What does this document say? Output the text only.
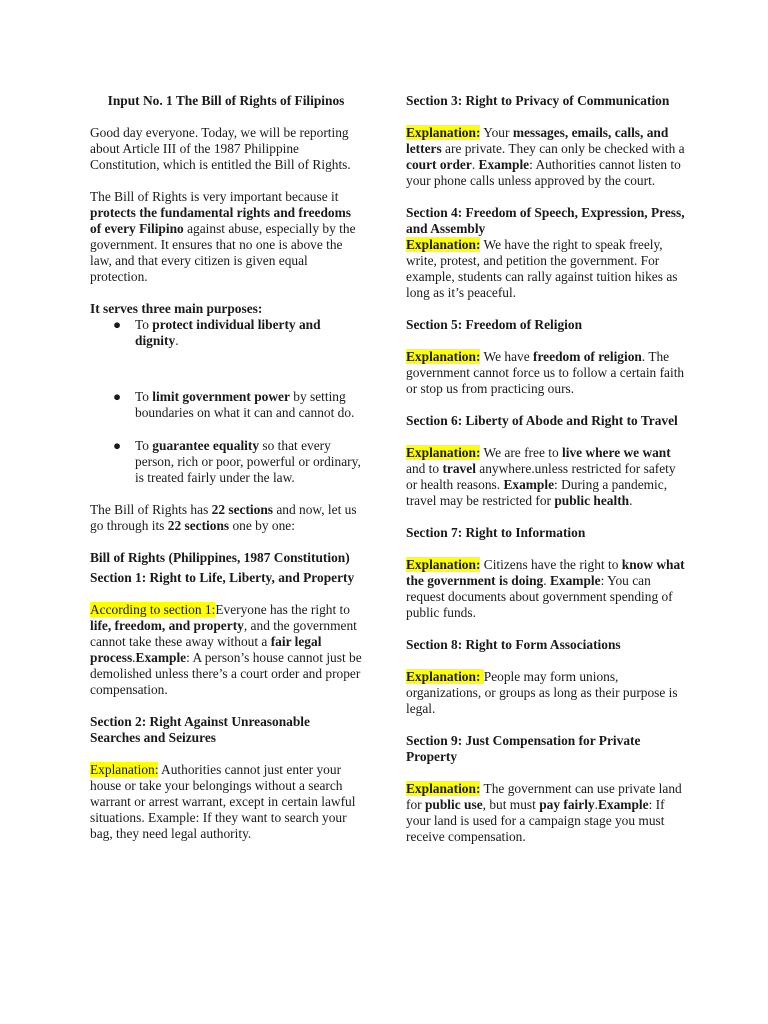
Input No. 1 The Bill of Rights of Filipinos

Good day everyone. Today, we will be reporting about Article III of the 1987 Philippine Constitution, which is entitled the Bill of Rights.

The Bill of Rights is very important because it protects the fundamental rights and freedoms of every Filipino against abuse, especially by the government. It ensures that no one is above the law, and that every citizen is given equal protection.

It serves three main purposes:

● To protect individual liberty and dignity.
● To limit government power by setting boundaries on what it can and cannot do.
● To guarantee equality so that every person, rich or poor, powerful or ordinary, is treated fairly under the law.

The Bill of Rights has 22 sections and now, let us go through its 22 sections one by one:

Bill of Rights (Philippines, 1987 Constitution)

Section 1: Right to Life, Liberty, and Property

According to section 1:Everyone has the right to life, freedom, and property, and the government cannot take these away without a fair legal process.Example: A person’s house cannot just be demolished unless there’s a court order and proper compensation.

Section 2: Right Against Unreasonable Searches and Seizures

Explanation: Authorities cannot just enter your house or take your belongings without a search warrant or arrest warrant, except in certain lawful situations. Example: If they want to search your bag, they need legal authority.

Section 3: Right to Privacy of Communication

Explanation: Your messages, emails, calls, and letters are private. They can only be checked with a court order. Example: Authorities cannot listen to your phone calls unless approved by the court.

Section 4: Freedom of Speech, Expression, Press, and Assembly

Explanation: We have the right to speak freely, write, protest, and petition the government. For example, students can rally against tuition hikes as long as it’s peaceful.

Section 5: Freedom of Religion

Explanation: We have freedom of religion. The government cannot force us to follow a certain faith or stop us from practicing ours.

Section 6: Liberty of Abode and Right to Travel

Explanation: We are free to live where we want and to travel anywhere.unless restricted for safety or health reasons. Example: During a pandemic, travel may be restricted for public health.

Section 7: Right to Information

Explanation: Citizens have the right to know what the government is doing. Example: You can request documents about government spending of public funds.

Section 8: Right to Form Associations

Explanation: People may form unions, organizations, or groups as long as their purpose is legal.

Section 9: Just Compensation for Private Property

Explanation: The government can use private land for public use, but must pay fairly.Example: If your land is used for a campaign stage you must receive compensation.
